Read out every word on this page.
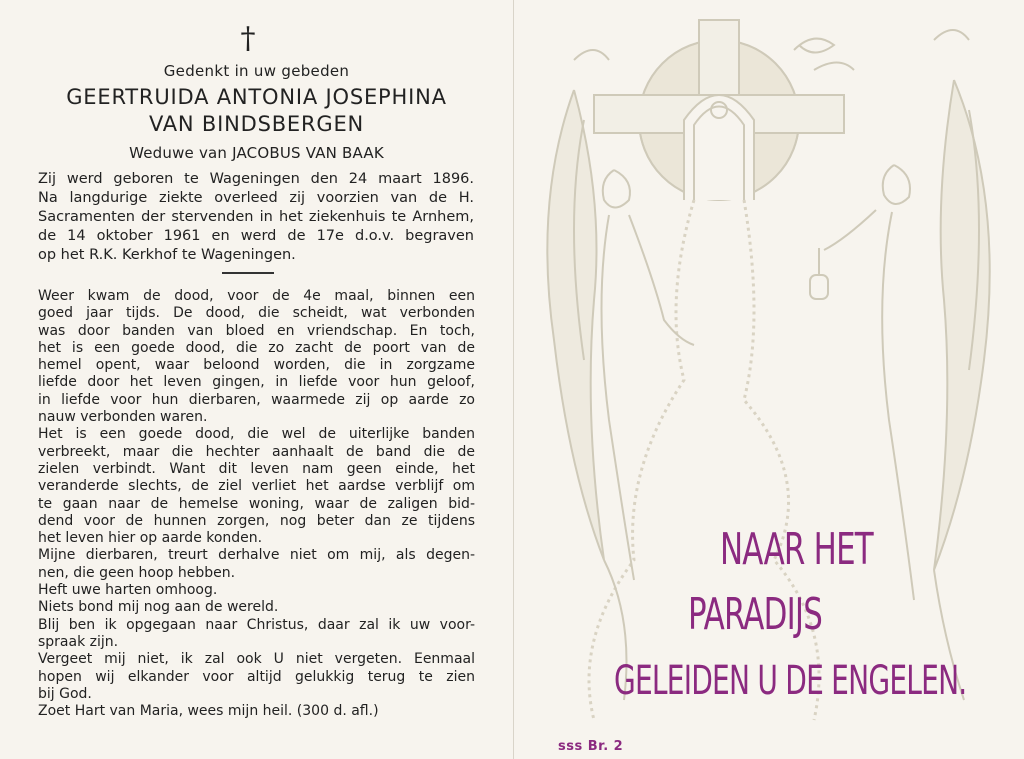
†
Gedenkt in uw gebeden
GEERTRUIDA ANTONIA JOSEPHINA
VAN BINDSBERGEN
Weduwe van JACOBUS VAN BAAK
Zij werd geboren te Wageningen den 24 maart 1896.
Na langdurige ziekte overleed zij voorzien van de H.
Sacramenten der stervenden in het ziekenhuis te Arnhem,
de 14 oktober 1961 en werd de 17e d.o.v. begraven
op het R.K. Kerkhof te Wageningen.
Weer kwam de dood, voor de 4e maal, binnen een
goed jaar tijds. De dood, die scheidt, wat verbonden
was door banden van bloed en vriendschap. En toch,
het is een goede dood, die zo zacht de poort van de
hemel opent, waar beloond worden, die in zorgzame
liefde door het leven gingen, in liefde voor hun geloof,
in liefde voor hun dierbaren, waarmede zij op aarde zo
nauw verbonden waren.
Het is een goede dood, die wel de uiterlijke banden
verbreekt, maar die hechter aanhaalt de band die de
zielen verbindt. Want dit leven nam geen einde, het
veranderde slechts, de ziel verliet het aardse verblijf om
te gaan naar de hemelse woning, waar de zaligen bid-
dend voor de hunnen zorgen, nog beter dan ze tijdens
het leven hier op aarde konden.
Mijne dierbaren, treurt derhalve niet om mij, als degen-
nen, die geen hoop hebben.
Heft uwe harten omhoog.
Niets bond mij nog aan de wereld.
Blij ben ik opgegaan naar Christus, daar zal ik uw voor-
spraak zijn.
Vergeet mij niet, ik zal ook U niet vergeten. Eenmaal
hopen wij elkander voor altijd gelukkig terug te zien
bij God.
Zoet Hart van Maria, wees mijn heil. (300 d. afl.)
NAAR HET
PARADIJS
GELEIDEN U DE ENGELEN.
sss Br. 2
